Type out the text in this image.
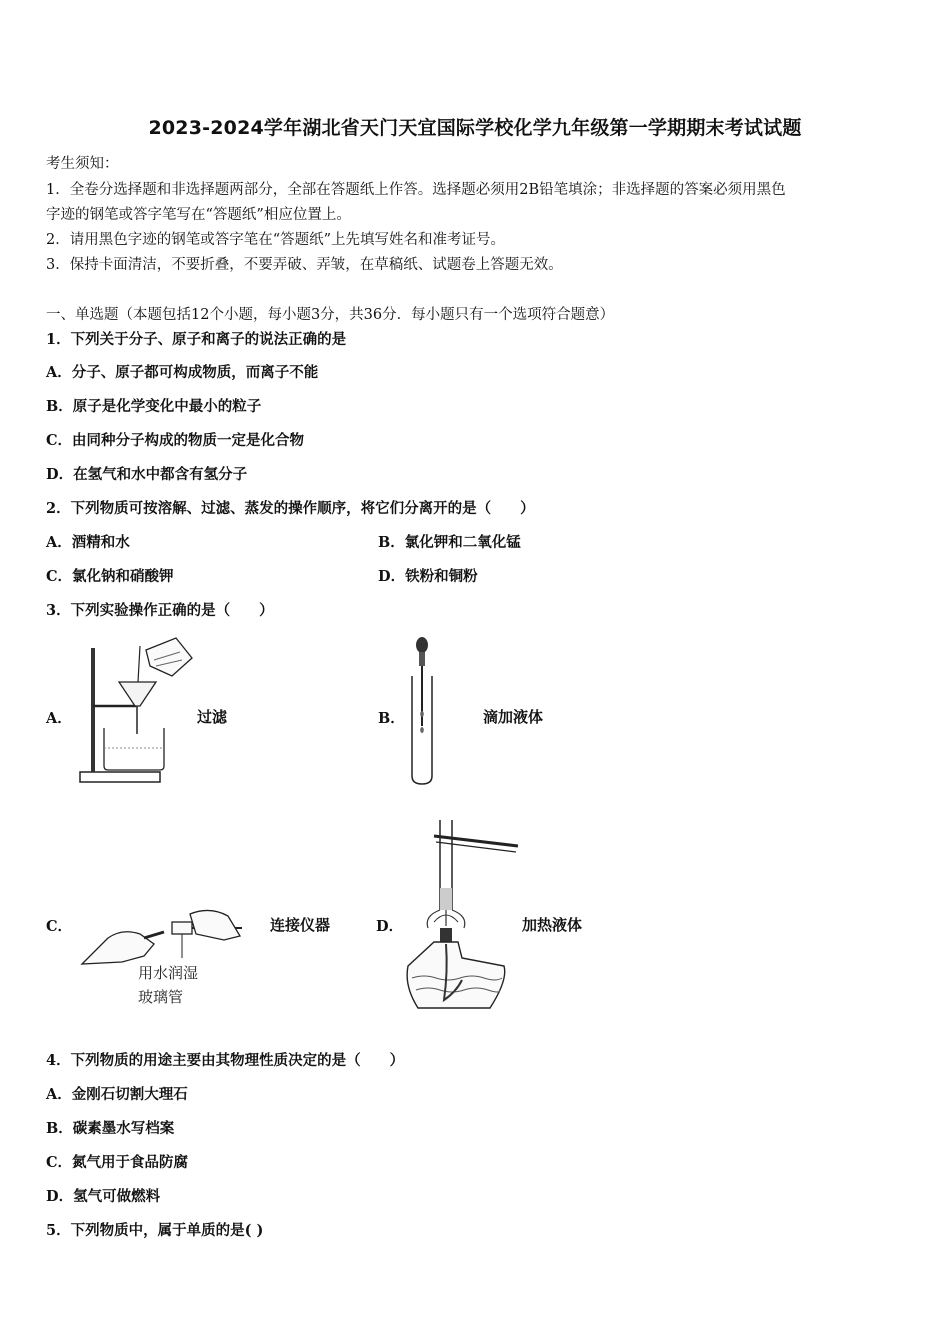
2023-2024学年湖北省天门天宜国际学校化学九年级第一学期期末考试试题
考生须知：
1．全卷分选择题和非选择题两部分，全部在答题纸上作答。选择题必须用2B铅笔填涂；非选择题的答案必须用黑色
字迹的钢笔或答字笔写在“答题纸”相应位置上。
2．请用黑色字迹的钢笔或答字笔在“答题纸”上先填写姓名和准考证号。
3．保持卡面清洁，不要折叠，不要弄破、弄皱，在草稿纸、试题卷上答题无效。
一、单选题（本题包括12个小题，每小题3分，共36分．每小题只有一个选项符合题意）
1．下列关于分子、原子和离子的说法正确的是
A．分子、原子都可构成物质，而离子不能
B．原子是化学变化中最小的粒子
C．由同种分子构成的物质一定是化合物
D．在氢气和水中都含有氢分子
2．下列物质可按溶解、过滤、蒸发的操作顺序，将它们分离开的是（　　）
A．酒精和水	B．氯化钾和二氧化锰
C．氯化钠和硝酸钾	D．铁粉和铜粉
3．下列实验操作正确的是（　　）
A．	过滤	B．	滴加液体
C．
用水润湿
玻璃管
连接仪器	D．	加热液体
4．下列物质的用途主要由其物理性质决定的是（　　）
A．金刚石切割大理石
B．碳素墨水写档案
C．氮气用于食品防腐
D．氢气可做燃料
5．下列物质中，属于单质的是( )
